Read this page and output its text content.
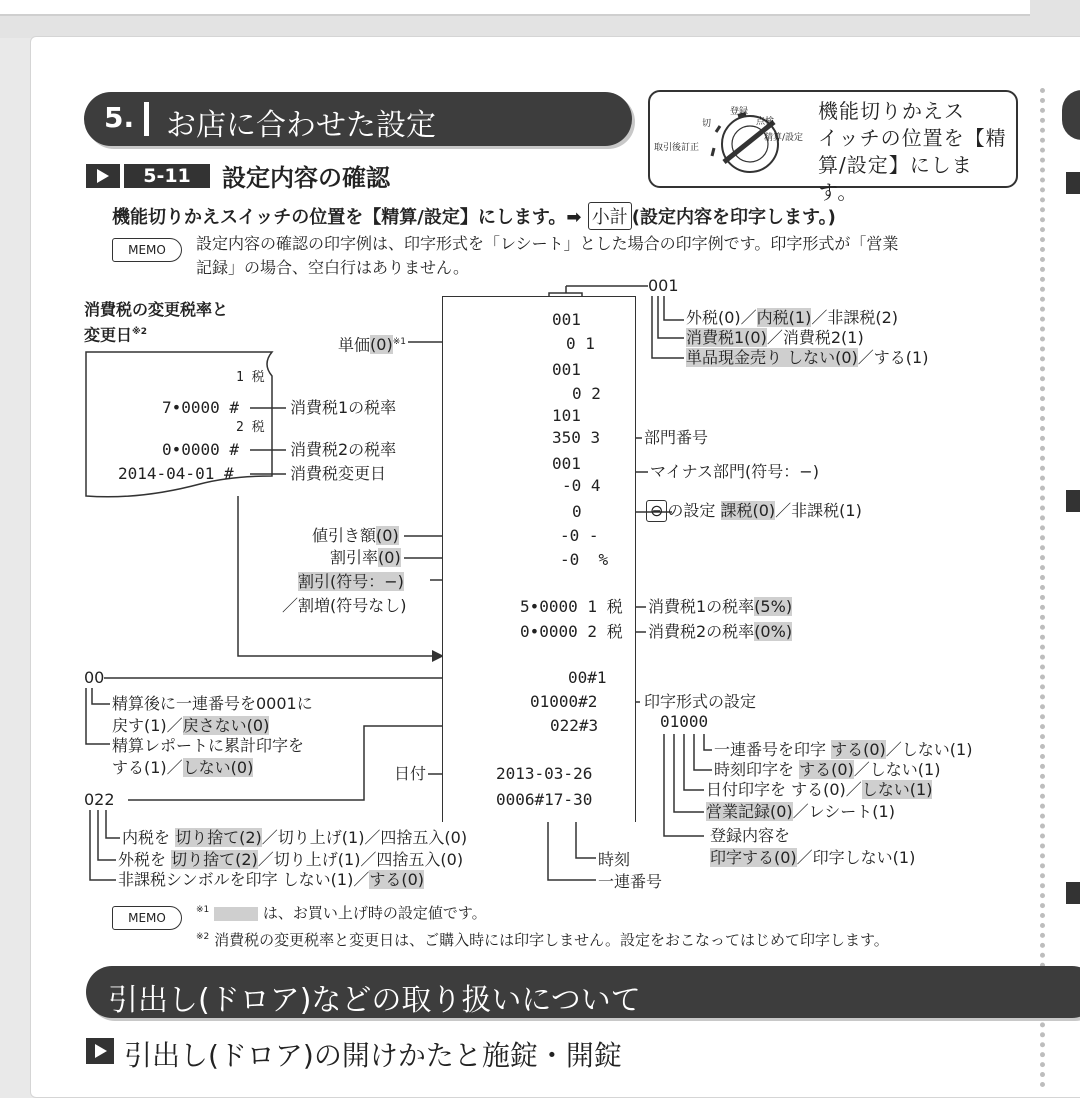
5. お店に合わせた設定	切
登録
点検
精算/設定
取引後訂正
機能切りかえス
イッチの位置を【精
算/設定】にします。
5-11	設定内容の確認
機能切りかえスイッチの位置を【精算/設定】にします。➡ 小計 (設定内容を印字します。)
MEMO	設定内容の確認の印字例は、印字形式を「レシート」とした場合の印字例です。印字形式が「営業
記録」の場合、空白行はありません。
消費税の変更税率と
変更日$^{※2}$
1 税
7•0000 #
2 税
0•0000 #
2014-04-01 #
消費税1の税率
消費税2の税率
消費税変更日
001
0 1
001
0 2
101
350 3
001
-0 4
0
-0 -
-0  %
5•0000 1 税
0•0000 2 税
00#1
01000#2
022#3
2013-03-26
0006#17-30
001
外税(0)／内税(1)／非課税(2)
消費税1(0)／消費税2(1)
単品現金売り しない(0)／する(1)
単価$(0)^{※1}$
部門番号
マイナス部門(符号：−)
⊖ の設定 課税(0)／非課税(1)
値引き額(0)
割引率(0)
割引(符号：−)
／割増(符号なし)	消費税1の税率(5%)
消費税2の税率(0%)
00
精算後に一連番号を0001に
戻す(1)／戻さない(0)
精算レポートに累計印字を
する(1)／しない(0)
印字形式の設定
01000
一連番号を印字 する(0)／しない(1)
時刻印字を する(0)／しない(1)
日付印字を する(0)／しない(1)
営業記録(0)／レシート(1)
登録内容を
印字する(0)／印字しない(1)
日付
022
内税を 切り捨て(2)／切り上げ(1)／四捨五入(0)
外税を 切り捨て(2)／切り上げ(1)／四捨五入(0)
非課税シンボルを印字 しない(1)／する(0)
時刻
一連番号
MEMO
$^{※1}$	は、お買い上げ時の設定値です。
$^{※2}$ 消費税の変更税率と変更日は、ご購入時には印字しません。設定をおこなってはじめて印字します。
引出し(ドロア)などの取り扱いについて
引出し(ドロア)の開けかたと施錠・開錠
